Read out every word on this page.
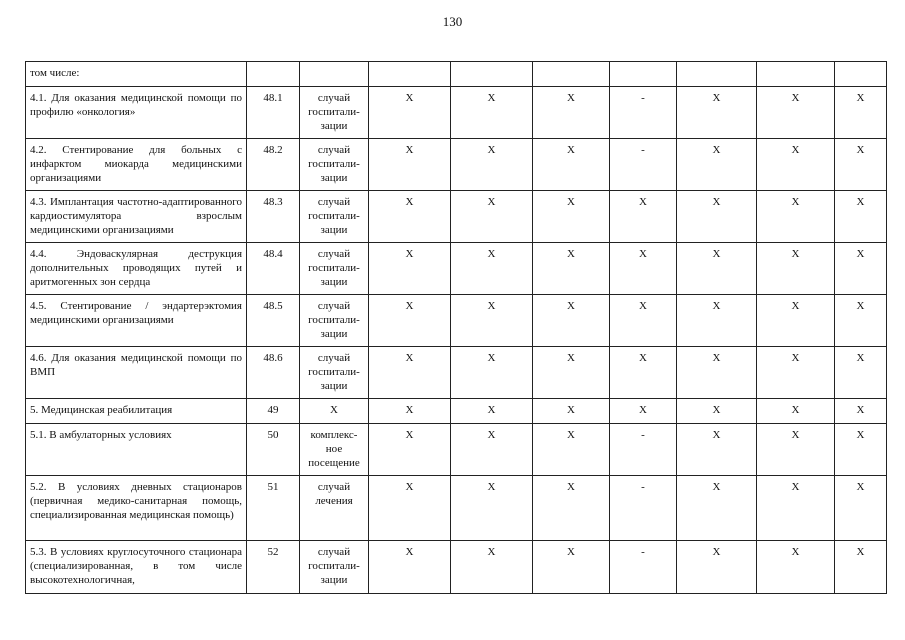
130
том числе:									
4.1. Для оказания медицинской помощи по профилю «онкология»	48.1	случай госпитали-зации	X	X	X	-	X	X	X
4.2. Стентирование для больных с инфарктом миокарда медицинскими организациями	48.2	случай госпитали-зации	X	X	X	-	X	X	X
4.3. Имплантация частотно-адаптированного кардиостимулятора взрослым медицинскими организациями	48.3	случай госпитали-зации	X	X	X	X	X	X	X
4.4. Эндоваскулярная деструкция дополнительных проводящих путей и аритмогенных зон сердца	48.4	случай госпитали-зации	X	X	X	X	X	X	X
4.5. Стентирование / эндартерэктомия медицинскими организациями	48.5	случай госпитали-зации	X	X	X	X	X	X	X
4.6. Для оказания медицинской помощи по ВМП	48.6	случай госпитали-зации	X	X	X	X	X	X	X
5. Медицинская реабилитация	49	X	X	X	X	X	X	X	X
5.1. В амбулаторных условиях	50	комплекс-ное посещение	X	X	X	-	X	X	X
5.2. В условиях дневных стационаров (первичная медико-санитарная помощь, специализированная медицинская помощь)	51	случай лечения	X	X	X	-	X	X	X
5.3. В условиях круглосуточного стационара (специализированная, в том числе высокотехнологичная,	52	случай госпитали-зации	X	X	X	-	X	X	X
